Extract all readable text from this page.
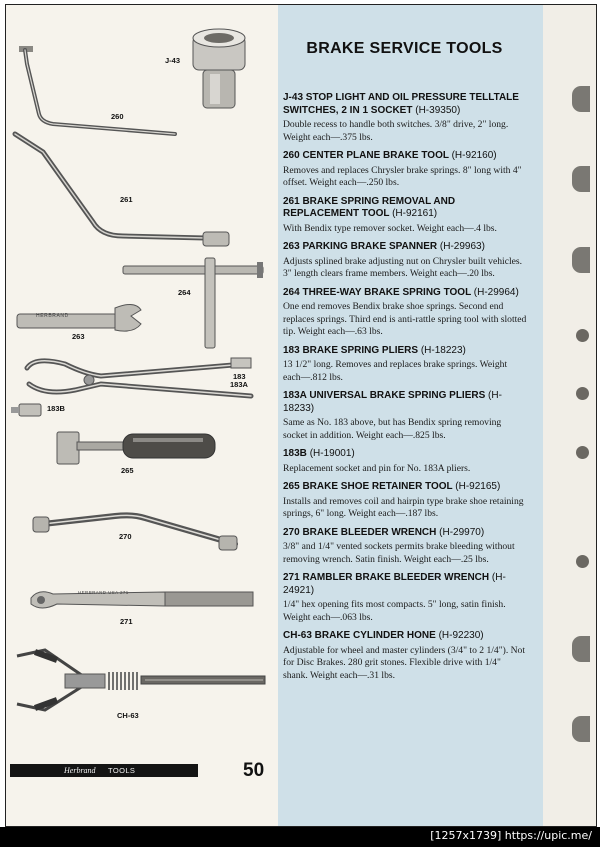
BRAKE SERVICE TOOLS
HERBRAND
HERBRAND USA 271
J-43
260
261
264
263
183
183A
183B
265
270
271
CH-63
J-43 STOP LIGHT AND OIL PRESSURE TELLTALE SWITCHES, 2 IN 1 SOCKET (H-39350)
Double recess to handle both switches. 3/8" drive, 2" long. Weight each—.375 lbs.
260 CENTER PLANE BRAKE TOOL (H-92160)
Removes and replaces Chrysler brake springs. 8" long with 4" offset. Weight each—.250 lbs.
261 BRAKE SPRING REMOVAL AND REPLACEMENT TOOL (H-92161)
With Bendix type remover socket. Weight each—.4 lbs.
263 PARKING BRAKE SPANNER (H-29963)
Adjusts splined brake adjusting nut on Chrysler built vehicles. 3" length clears frame members. Weight each—.20 lbs.
264 THREE-WAY BRAKE SPRING TOOL (H-29964)
One end removes Bendix brake shoe springs. Second end replaces springs. Third end is anti-rattle spring tool with slotted tip. Weight each—.63 lbs.
183 BRAKE SPRING PLIERS (H-18223)
13 1/2" long. Removes and replaces brake springs. Weight each—.812 lbs.
183A UNIVERSAL BRAKE SPRING PLIERS (H-18233)
Same as No. 183 above, but has Bendix spring removing socket in addition. Weight each—.825 lbs.
183B (H-19001)
Replacement socket and pin for No. 183A pliers.
265 BRAKE SHOE RETAINER TOOL (H-92165)
Installs and removes coil and hairpin type brake shoe retaining springs, 6" long. Weight each—.187 lbs.
270 BRAKE BLEEDER WRENCH (H-29970)
3/8" and 1/4" vented sockets permits brake bleeding without removing wrench. Satin finish. Weight each—.25 lbs.
271 RAMBLER BRAKE BLEEDER WRENCH (H-24921)
1/4" hex opening fits most compacts. 5" long, satin finish. Weight each—.063 lbs.
CH-63 BRAKE CYLINDER HONE (H-92230)
Adjustable for wheel and master cylinders (3/4" to 2 1/4"). Not for Disc Brakes. 280 grit stones. Flexible drive with 1/4" shank. Weight each—.31 lbs.
Herbrand TOOLS	50
[1257x1739] https://upic.me/
